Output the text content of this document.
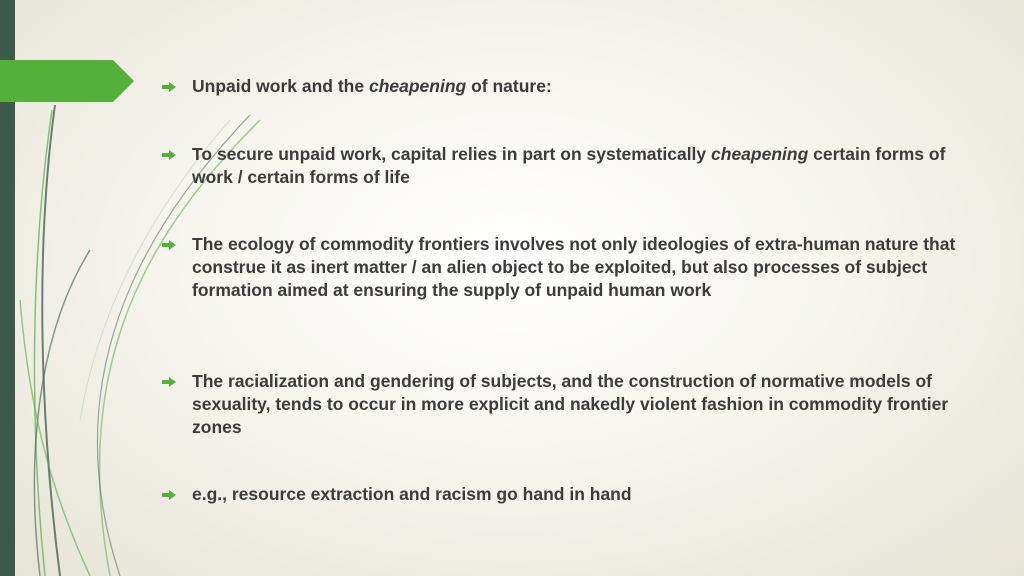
Unpaid work and the cheapening of nature:
To secure unpaid work, capital relies in part on systematically cheapening certain forms of work / certain forms of life
The ecology of commodity frontiers involves not only ideologies of extra-human nature that construe it as inert matter / an alien object to be exploited, but also processes of subject formation aimed at ensuring the supply of unpaid human work
The racialization and gendering of subjects, and the construction of normative models of sexuality, tends to occur in more explicit and nakedly violent fashion in commodity frontier zones
e.g., resource extraction and racism go hand in hand
